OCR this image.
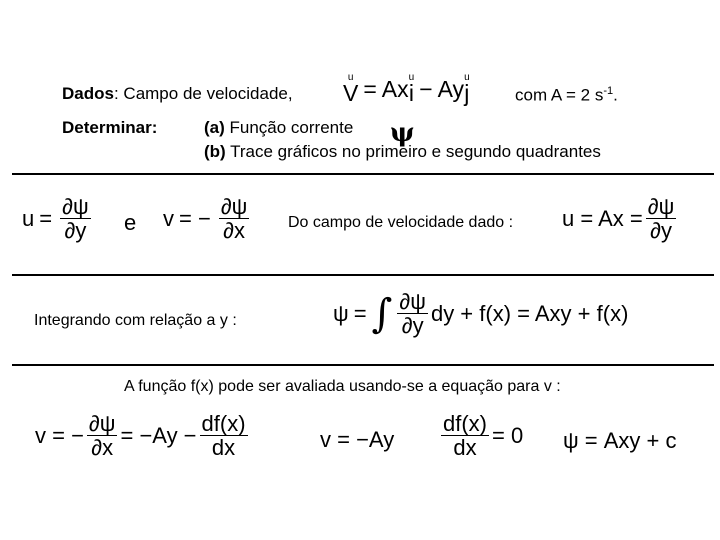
Dados: Campo de velocidade,
u
V = Ax u
i − Ay u
j	com A = 2 $s^{-1}$.
Determinar:	(a) Função corrente ψ
(b) Trace gráficos no primeiro e segundo quadrantes
$u = \frac{\partial\psi}{\partial y}$ e v = − $\frac{\partial\psi}{\partial x}$ Do campo de velocidade dado : $u = Ax = \frac{\partial\psi}{\partial y}$
Integrando com relação a y :	ψ = ∫ $\frac{\partial\psi}{\partial y}$ dy + f(x) = Axy + f(x)
A função f(x) pode ser avaliada usando-se a equação para v :
v = − $\frac{\partial\psi}{\partial x} = -Ay - \frac{df(x)}{dx}$	$v = -Ay \frac{df(x)}{dx} = 0$ ψ = Axy + c
